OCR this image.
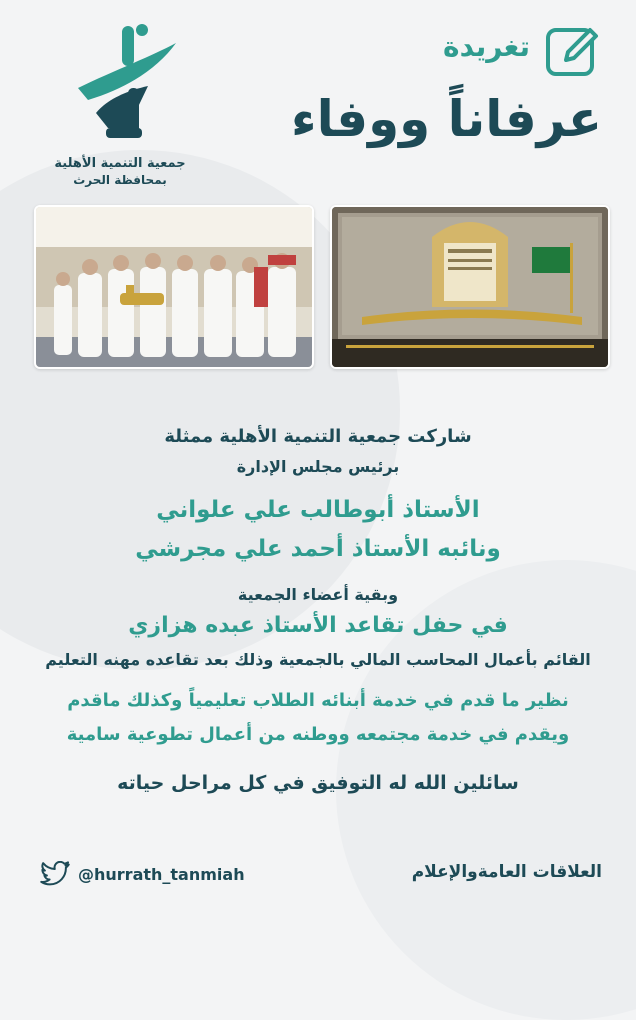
جمعية التنمية الأهلية
بمحافظة الحرث
تغريدة
عرفاناً ووفاء
شاركت جمعية التنمية الأهلية ممثلة
برئيس مجلس الإدارة
الأستاذ أبوطالب علي علواني
ونائبه الأستاذ أحمد علي مجرشي
وبقية أعضاء الجمعية
في حفل تقاعد الأستاذ عبده هزازي
القائم بأعمال المحاسب المالي بالجمعية وذلك بعد تقاعده مهنه التعليم
نظير ما قدم في خدمة أبنائه الطلاب تعليمياً وكذلك ماقدم
ويقدم في خدمة مجتمعه ووطنه من أعمال تطوعية سامية
سائلين الله له التوفيق في كل مراحل حياته
@hurrath_tanmiah	العلاقات العامةوالإعلام
